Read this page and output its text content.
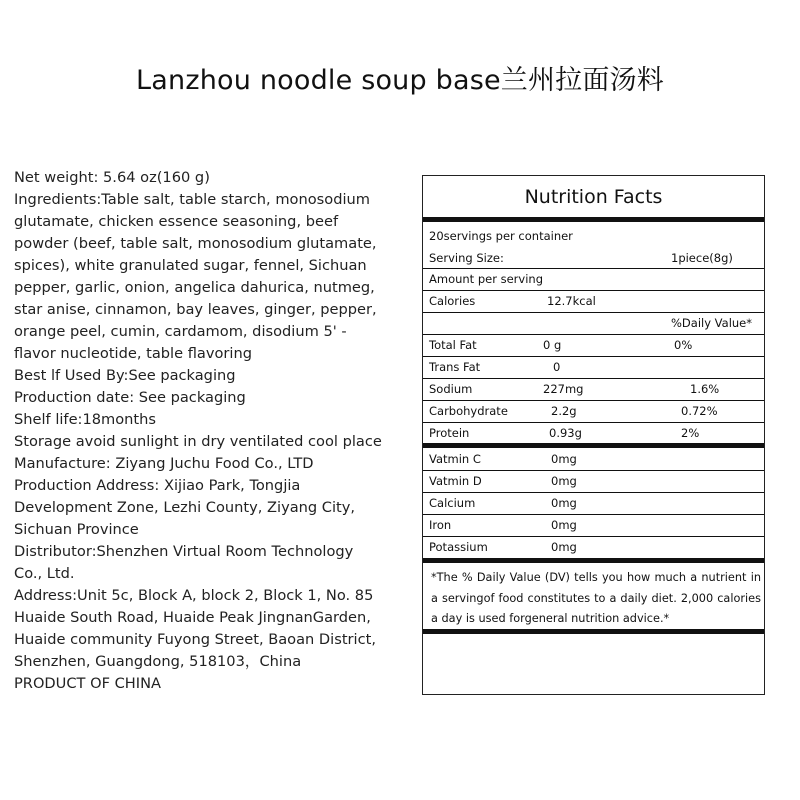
Lanzhou noodle soup base兰州拉面汤料
Net weight: 5.64 oz(160 g)
Ingredients:Table salt, table starch, monosodium
glutamate, chicken essence seasoning, beef
powder (beef, table salt, monosodium glutamate,
spices), white granulated sugar, fennel, Sichuan
pepper, garlic, onion, angelica dahurica, nutmeg,
star anise, cinnamon, bay leaves, ginger, pepper,
orange peel, cumin, cardamom, disodium 5' -
flavor nucleotide, table flavoring
Best lf Used By:See packaging
Production date: See packaging
Shelf life:18months
Storage avoid sunlight in dry ventilated cool place
Manufacture: Ziyang Juchu Food Co., LTD
Production Address: Xijiao Park, Tongjia
Development Zone, Lezhi County, Ziyang City,
Sichuan Province
Distributor:Shenzhen Virtual Room Technology
Co., Ltd.
Address:Unit 5c, Block A, block 2, Block 1, No. 85
Huaide South Road, Huaide Peak JingnanGarden,
Huaide community Fuyong Street, Baoan District,
Shenzhen, Guangdong, 518103，China
PRODUCT OF CHINA
Nutrition Facts
20servings per container
Serving Size:	1piece(8g)
Amount per serving
Calories	12.7kcal
%Daily Value*
Total Fat	0 g	0%
Trans Fat	0
Sodium	227mg	1.6%
Carbohydrate	2.2g	0.72%
Protein	0.93g	2%
Vatmin C	0mg
Vatmin D	0mg
Calcium	0mg
Iron	0mg
Potassium	0mg
*The % Daily Value (DV) tells you how much a nutrient in a servingof food constitutes to a daily diet. 2,000 calories a day is used forgeneral nutrition advice.*
